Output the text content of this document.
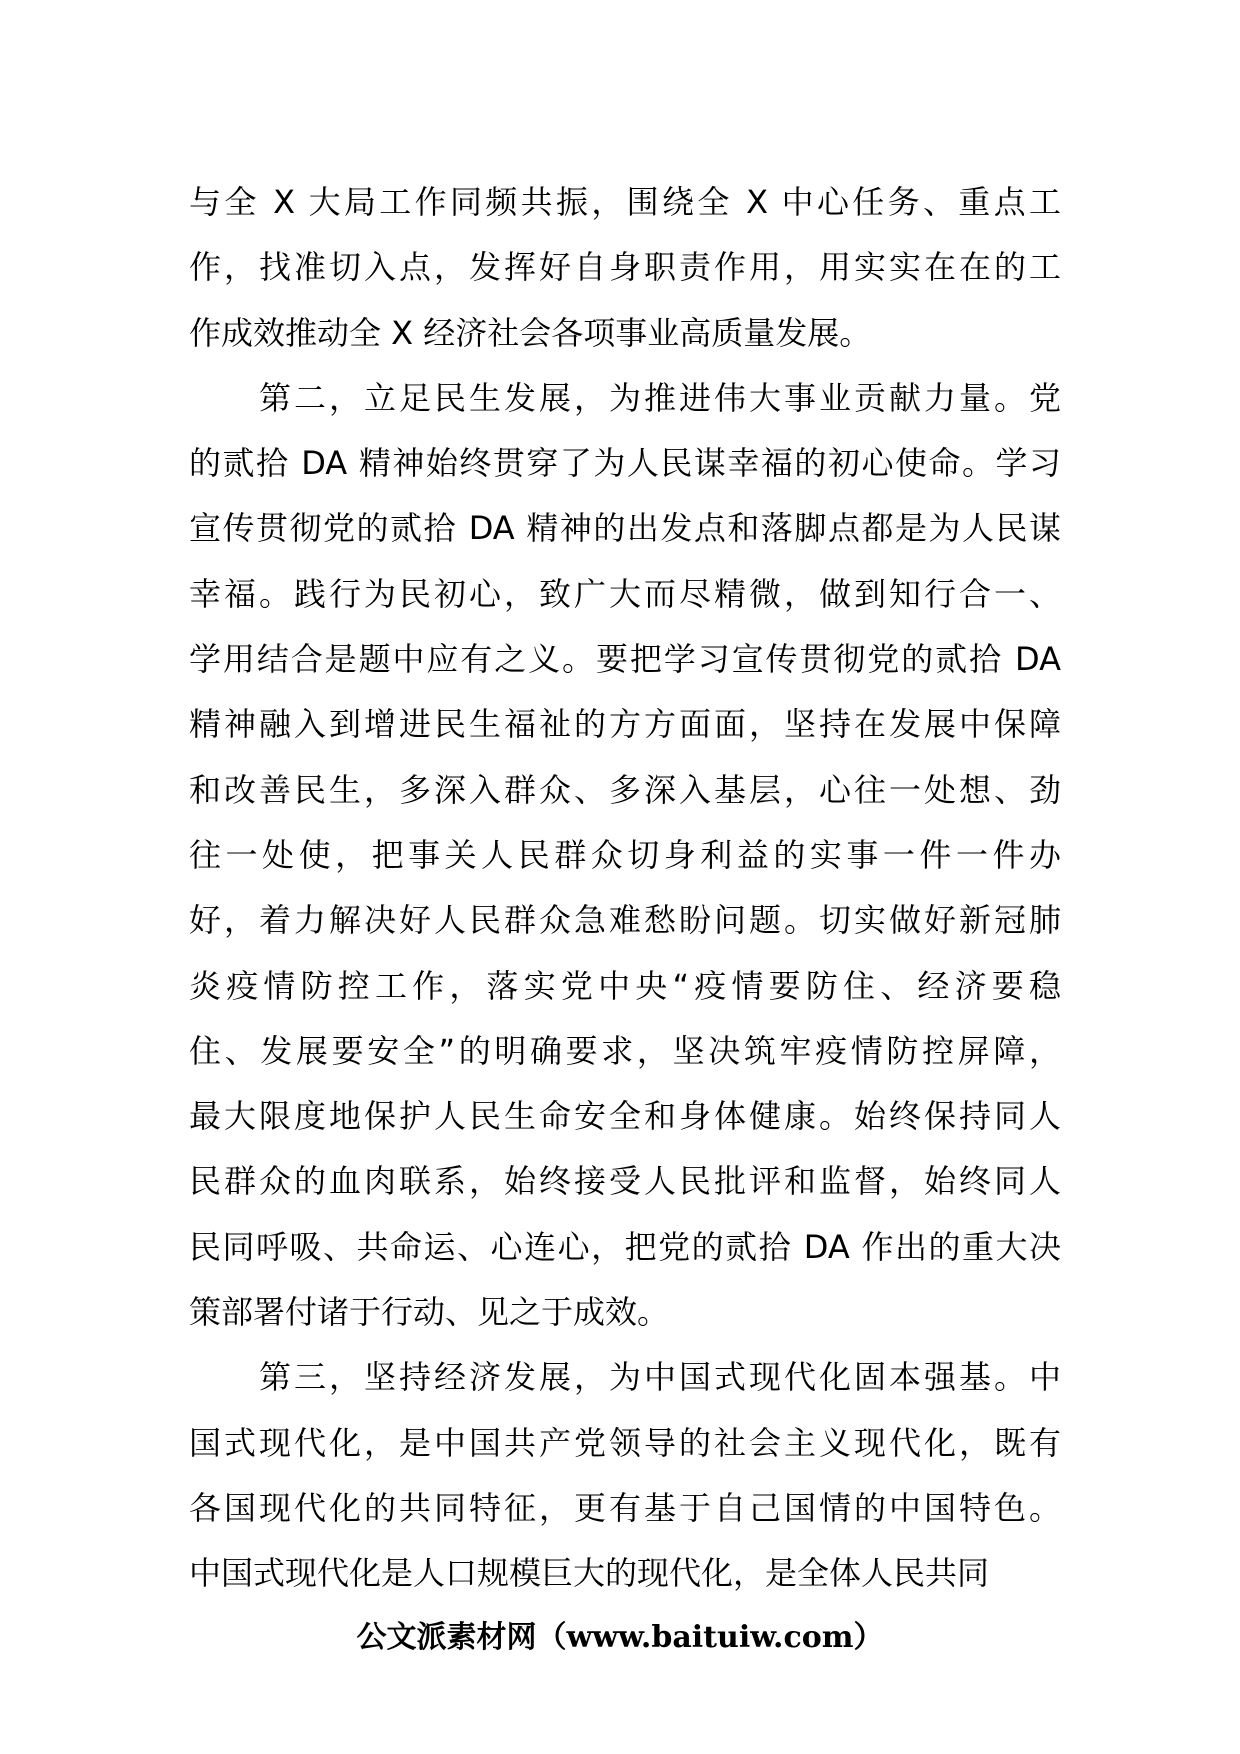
与全 X 大局工作同频共振，围绕全 X 中心任务、重点工
作，找准切入点，发挥好自身职责作用，用实实在在的工
作成效推动全 X 经济社会各项事业高质量发展。
　　第二，立足民生发展，为推进伟大事业贡献力量。党
的贰拾 DA 精神始终贯穿了为人民谋幸福的初心使命。学习
宣传贯彻党的贰拾 DA 精神的出发点和落脚点都是为人民谋
幸福。践行为民初心，致广大而尽精微，做到知行合一、
学用结合是题中应有之义。要把学习宣传贯彻党的贰拾 DA
精神融入到增进民生福祉的方方面面，坚持在发展中保障
和改善民生，多深入群众、多深入基层，心往一处想、劲
往一处使，把事关人民群众切身利益的实事一件一件办
好，着力解决好人民群众急难愁盼问题。切实做好新冠肺
炎疫情防控工作，落实党中央“疫情要防住、经济要稳
住、发展要安全”的明确要求，坚决筑牢疫情防控屏障，
最大限度地保护人民生命安全和身体健康。始终保持同人
民群众的血肉联系，始终接受人民批评和监督，始终同人
民同呼吸、共命运、心连心，把党的贰拾 DA 作出的重大决
策部署付诸于行动、见之于成效。
　　第三，坚持经济发展，为中国式现代化固本强基。中
国式现代化，是中国共产党领导的社会主义现代化，既有
各国现代化的共同特征，更有基于自己国情的中国特色。
中国式现代化是人口规模巨大的现代化，是全体人民共同
公文派素材网（www.baituiw.com）
